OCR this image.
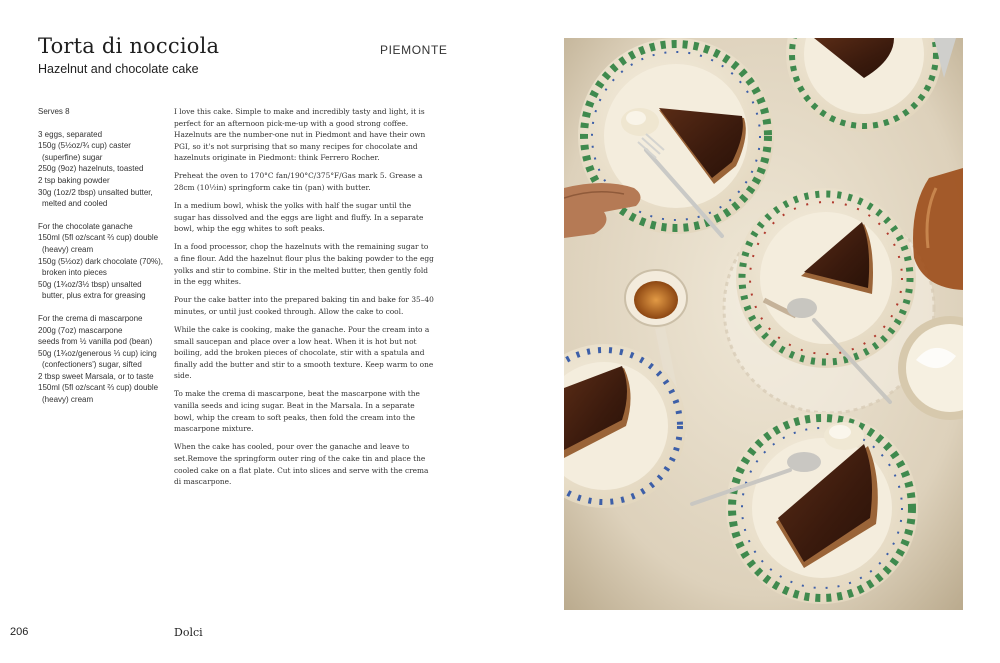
Torta di nocciola
Hazelnut and chocolate cake
PIEMONTE
Serves 8
3 eggs, separated
150g (5½oz/¾ cup) caster (superfine) sugar
250g (9oz) hazelnuts, toasted
2 tsp baking powder
30g (1oz/2 tbsp) unsalted butter, melted and cooled
For the chocolate ganache
150ml (5fl oz/scant ⅔ cup) double (heavy) cream
150g (5½oz) dark chocolate (70%), broken into pieces
50g (1¾oz/3½ tbsp) unsalted butter, plus extra for greasing
For the crema di mascarpone
200g (7oz) mascarpone
seeds from ½ vanilla pod (bean)
50g (1¾oz/generous ⅓ cup) icing (confectioners') sugar, sifted
2 tbsp sweet Marsala, or to taste
150ml (5fl oz/scant ⅔ cup) double (heavy) cream

I love this cake. Simple to make and incredibly tasty and light, it is perfect for an afternoon pick-me-up with a good strong coffee. Hazelnuts are the number-one nut in Piedmont and have their own PGI, so it's not surprising that so many recipes for chocolate and hazelnuts originate in Piedmont: think Ferrero Rocher.

Preheat the oven to 170°C fan/190°C/375°F/Gas mark 5. Grease a 28cm (10½in) springform cake tin (pan) with butter.

In a medium bowl, whisk the yolks with half the sugar until the sugar has dissolved and the eggs are light and fluffy. In a separate bowl, whip the egg whites to soft peaks.

In a food processor, chop the hazelnuts with the remaining sugar to a fine flour. Add the hazelnut flour plus the baking powder to the egg yolks and stir to combine. Stir in the melted butter, then gently fold in the egg whites.

Pour the cake batter into the prepared baking tin and bake for 35–40 minutes, or until just cooked through. Allow the cake to cool.

While the cake is cooking, make the ganache. Pour the cream into a small saucepan and place over a low heat. When it is hot but not boiling, add the broken pieces of chocolate, stir with a spatula and finally add the butter and stir to a smooth texture. Keep warm to one side.

To make the crema di mascarpone, beat the mascarpone with the vanilla seeds and icing sugar. Beat in the Marsala. In a separate bowl, whip the cream to soft peaks, then fold the cream into the mascarpone mixture.

When the cake has cooled, pour over the ganache and leave to set.Remove the springform outer ring of the cake tin and place the cooled cake on a flat plate. Cut into slices and serve with the crema di mascarpone.

206	Dolci
